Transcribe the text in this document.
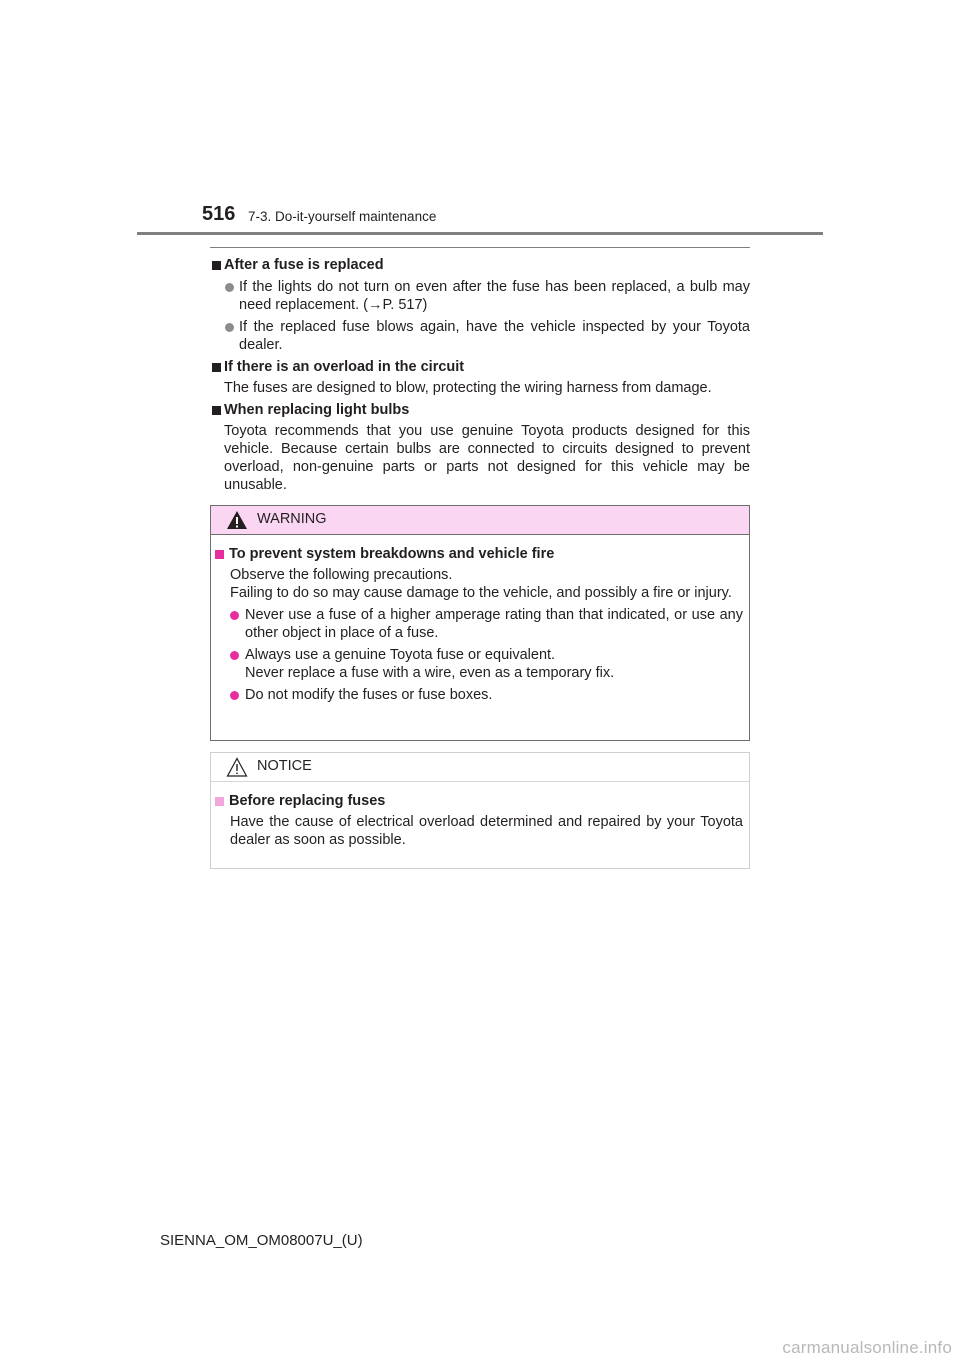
516 7-3. Do-it-yourself maintenance
After a fuse is replaced
If the lights do not turn on even after the fuse has been replaced, a bulb may need replacement. (→P. 517)
If the replaced fuse blows again, have the vehicle inspected by your Toyota dealer.
If there is an overload in the circuit
The fuses are designed to blow, protecting the wiring harness from damage.
When replacing light bulbs
Toyota recommends that you use genuine Toyota products designed for this vehicle. Because certain bulbs are connected to circuits designed to prevent overload, non-genuine parts or parts not designed for this vehicle may be unusable.
WARNING
To prevent system breakdowns and vehicle fire
Observe the following precautions.
Failing to do so may cause damage to the vehicle, and possibly a fire or injury.
Never use a fuse of a higher amperage rating than that indicated, or use any other object in place of a fuse.
Always use a genuine Toyota fuse or equivalent.
Never replace a fuse with a wire, even as a temporary fix.
Do not modify the fuses or fuse boxes.
NOTICE
Before replacing fuses
Have the cause of electrical overload determined and repaired by your Toyota dealer as soon as possible.
SIENNA_OM_OM08007U_(U)
carmanualsonline.info
